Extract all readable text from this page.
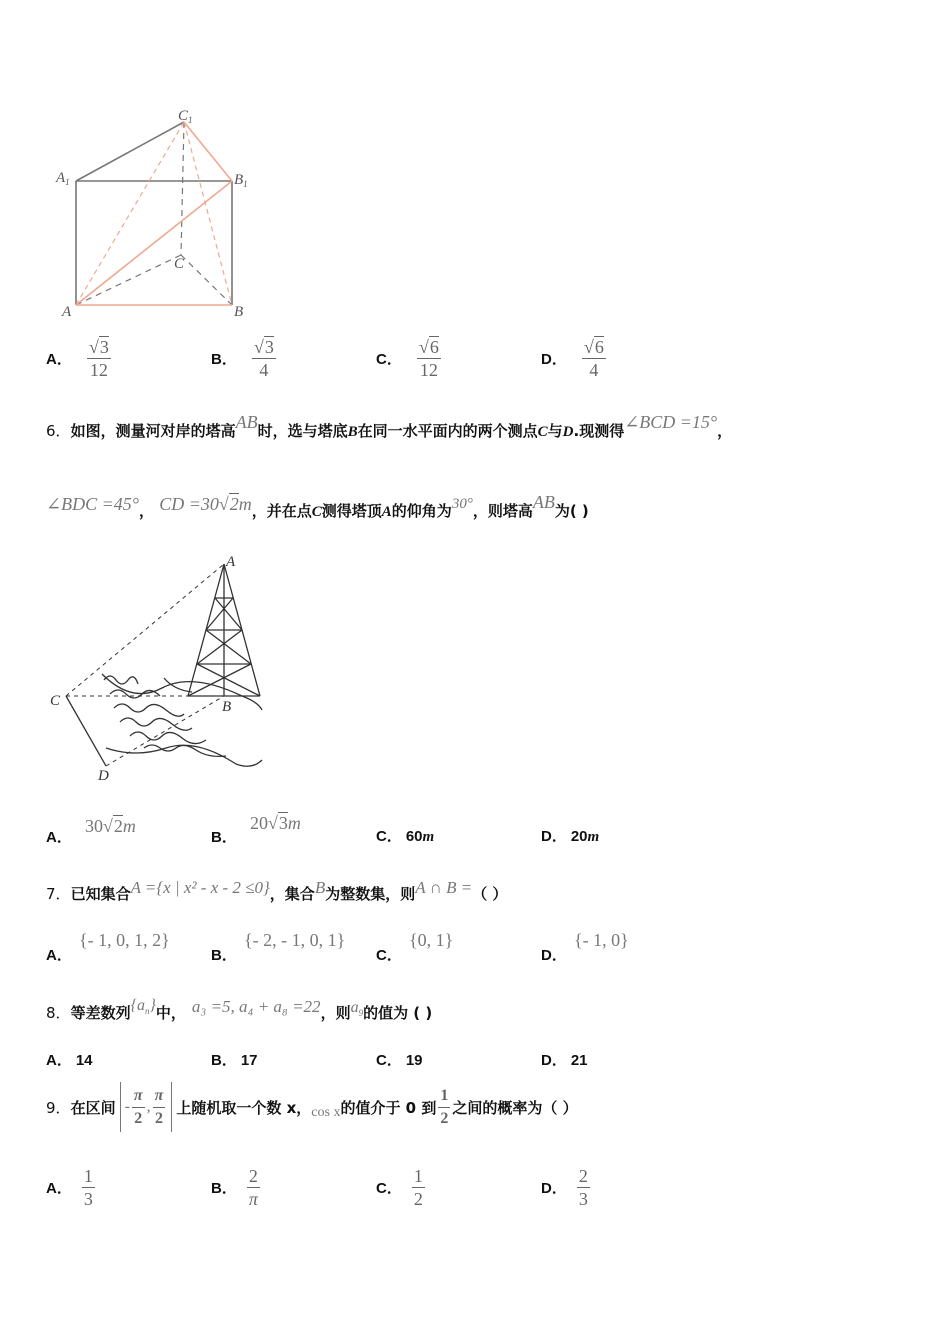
$C_1$
$A_1$	$B_1$
C
A	B
A． $\frac{√3}{12}$	B． $\frac{√3}{4}$	C． $\frac{√6}{12}$	D． $\frac{√6}{4}$
6．如图，测量河对岸的塔高AB时，选与塔底B在同一水平面内的两个测点C与D.现测得∠BCD =15°，
∠BDC =45°， CD =30√2m，并在点C测得塔顶A的仰角为30°，则塔高AB为( )
A
B
C
D
A． 30√2m
B． 20√3m
C． 60m	D． 20m
7．已知集合A ={x | x² - x - 2 ≤0}，集合B为整数集，则A ∩ B =（ ）
A． {- 1, 0, 1, 2}
B． {- 2, - 1, 0, 1}
C． {0, 1}
D． {- 1, 0}
8．等差数列$\{a_n\}$中， a₃ =5, a₄ + a₈ =22，则$a_9$的值为 ( )
A． 14	B． 17	C． 19	D． 21
9． 在区间 - $\frac{\pi}{2}$ , $\frac{\pi}{2}$ 上随机取一个数 x， cos x 的值介于 0 到 $\frac{1}{2}$ 之间的概率为（ ）
A． $\frac{1}{3}$	B． $\frac{2}{\pi}$	C． $\frac{1}{2}$	D． $\frac{2}{3}$
